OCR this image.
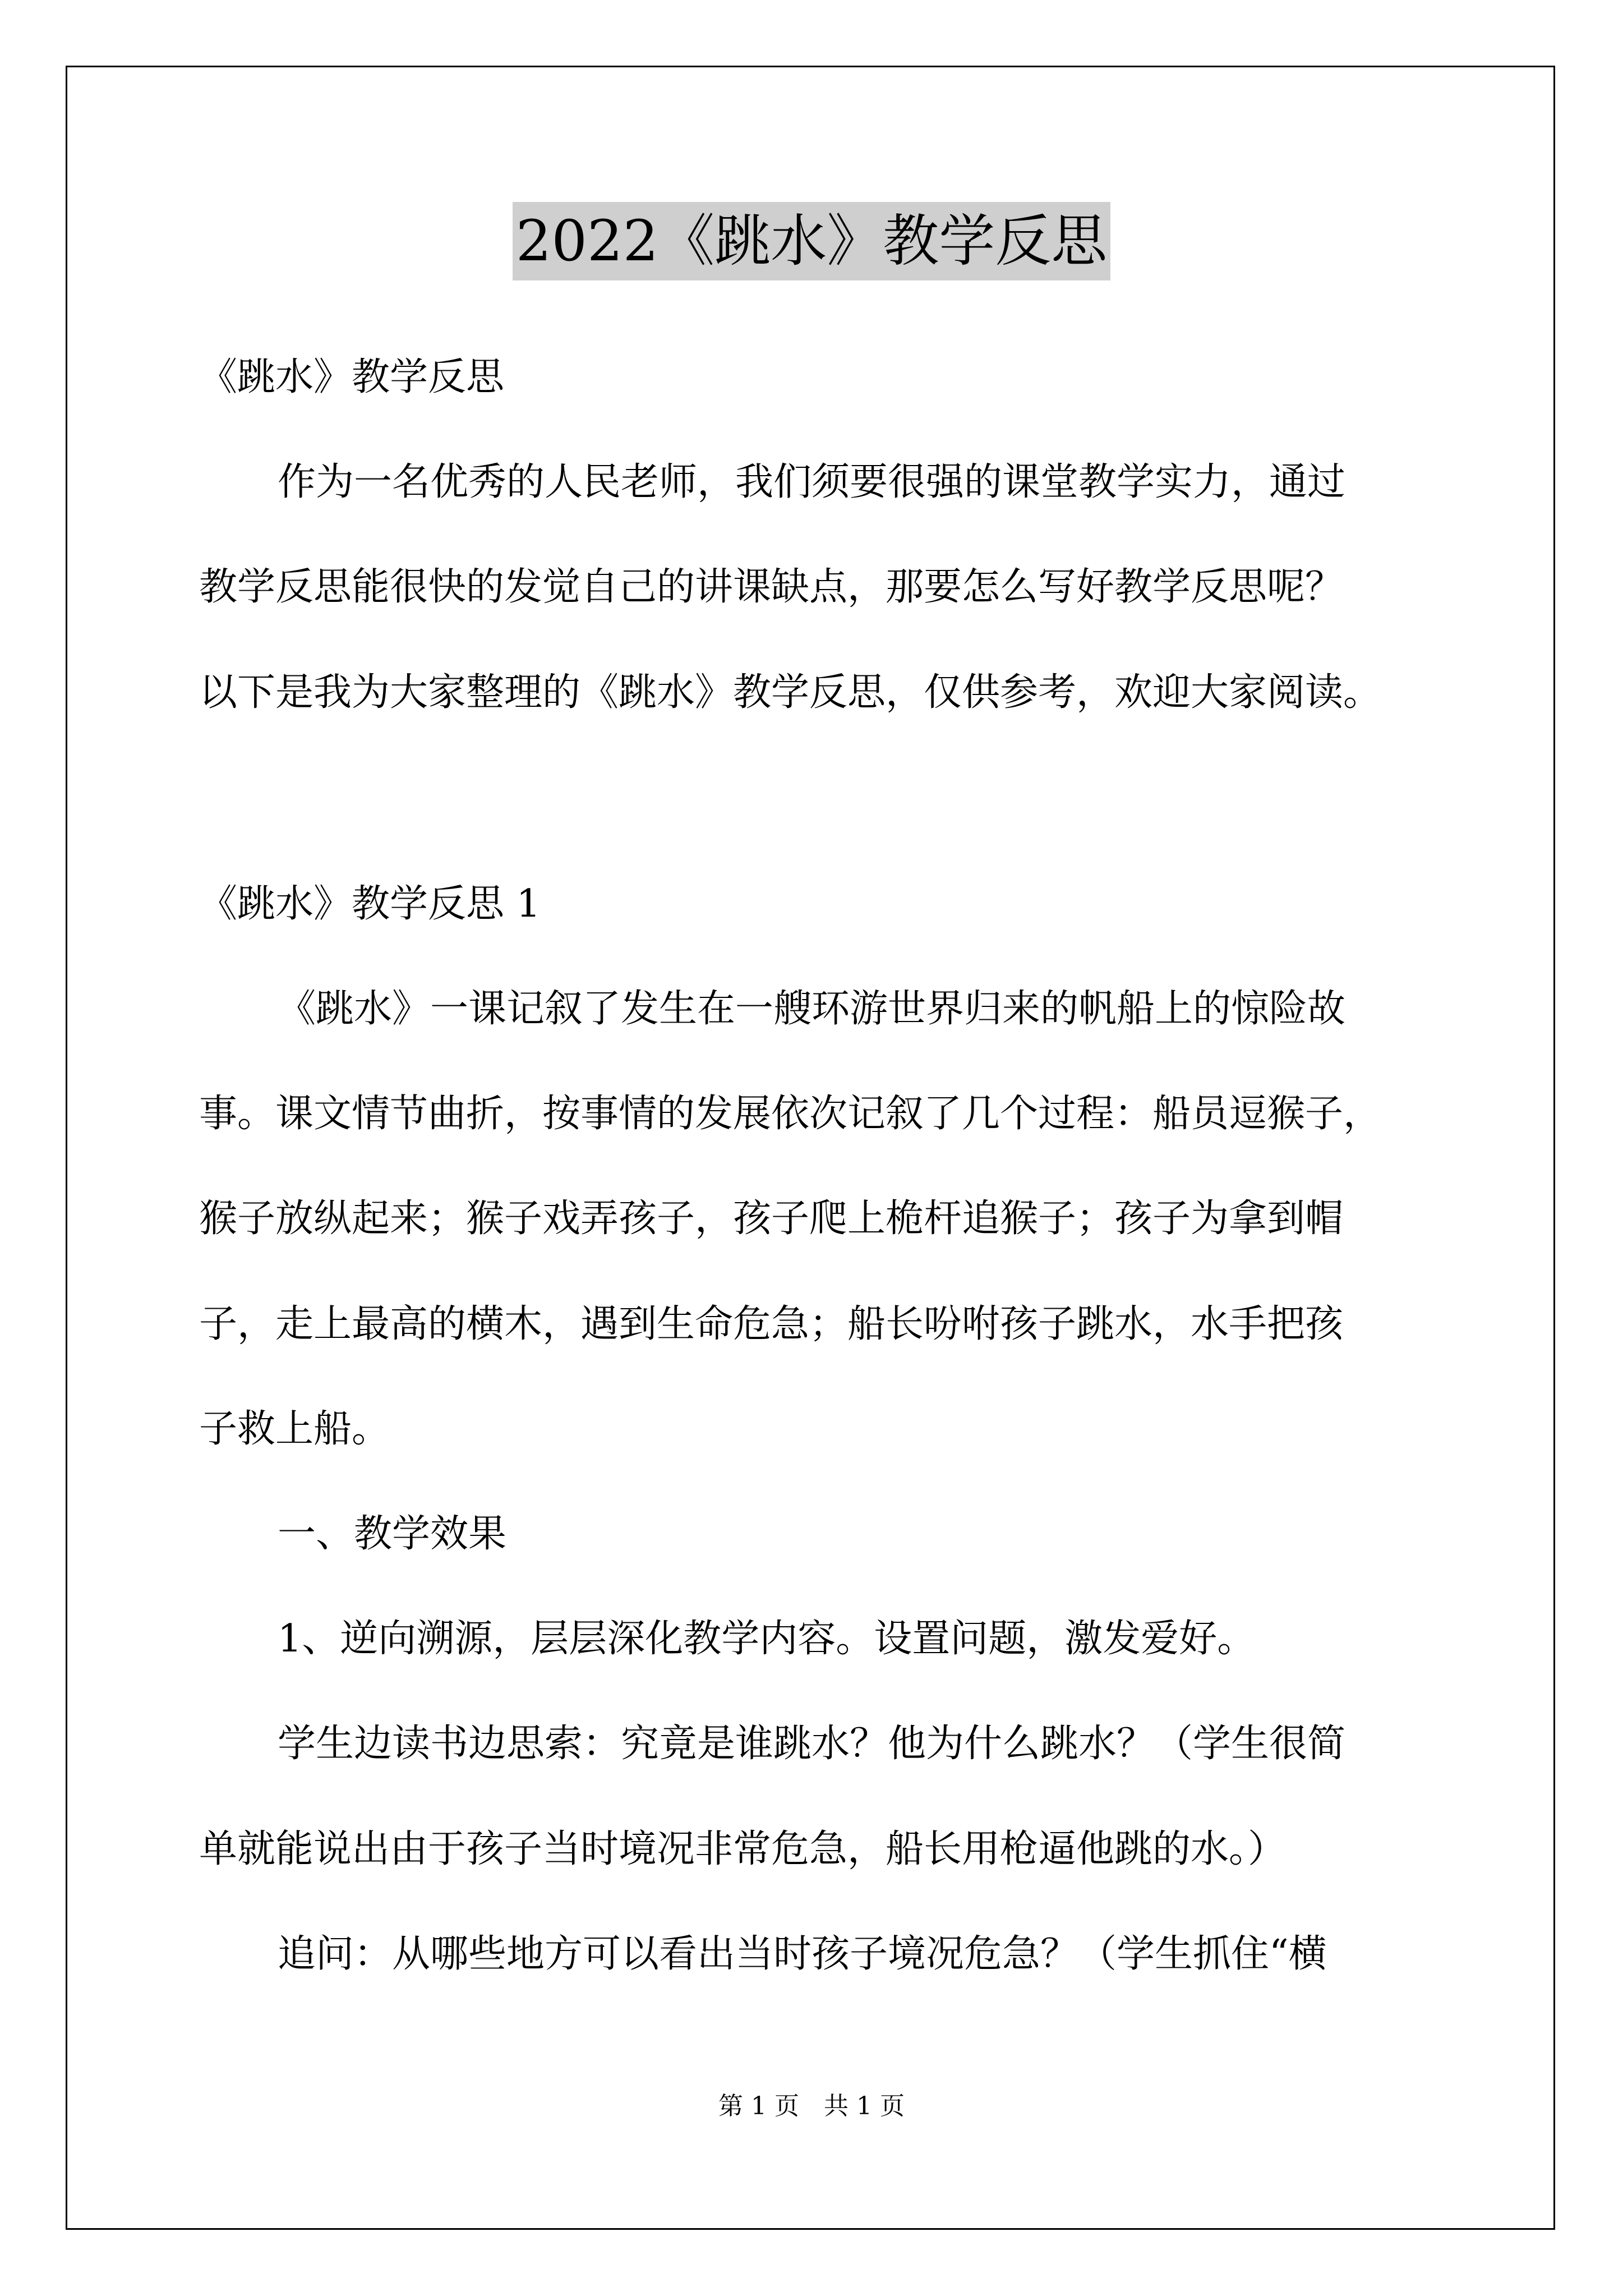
2022《跳水》教学反思
《跳水》教学反思
作为一名优秀的人民老师，我们须要很强的课堂教学实力，通过
教学反思能很快的发觉自己的讲课缺点，那要怎么写好教学反思呢？
以下是我为大家整理的《跳水》教学反思，仅供参考，欢迎大家阅读。
《跳水》教学反思 1
《跳水》一课记叙了发生在一艘环游世界归来的帆船上的惊险故
事。课文情节曲折，按事情的发展依次记叙了几个过程：船员逗猴子，
猴子放纵起来；猴子戏弄孩子，孩子爬上桅杆追猴子；孩子为拿到帽
子，走上最高的横木，遇到生命危急；船长吩咐孩子跳水，水手把孩
子救上船。
一、教学效果
1、逆向溯源，层层深化教学内容。设置问题，激发爱好。
学生边读书边思索：究竟是谁跳水？他为什么跳水？（学生很简
单就能说出由于孩子当时境况非常危急，船长用枪逼他跳的水。）
追问：从哪些地方可以看出当时孩子境况危急？（学生抓住“横
第 1 页　共 1 页
